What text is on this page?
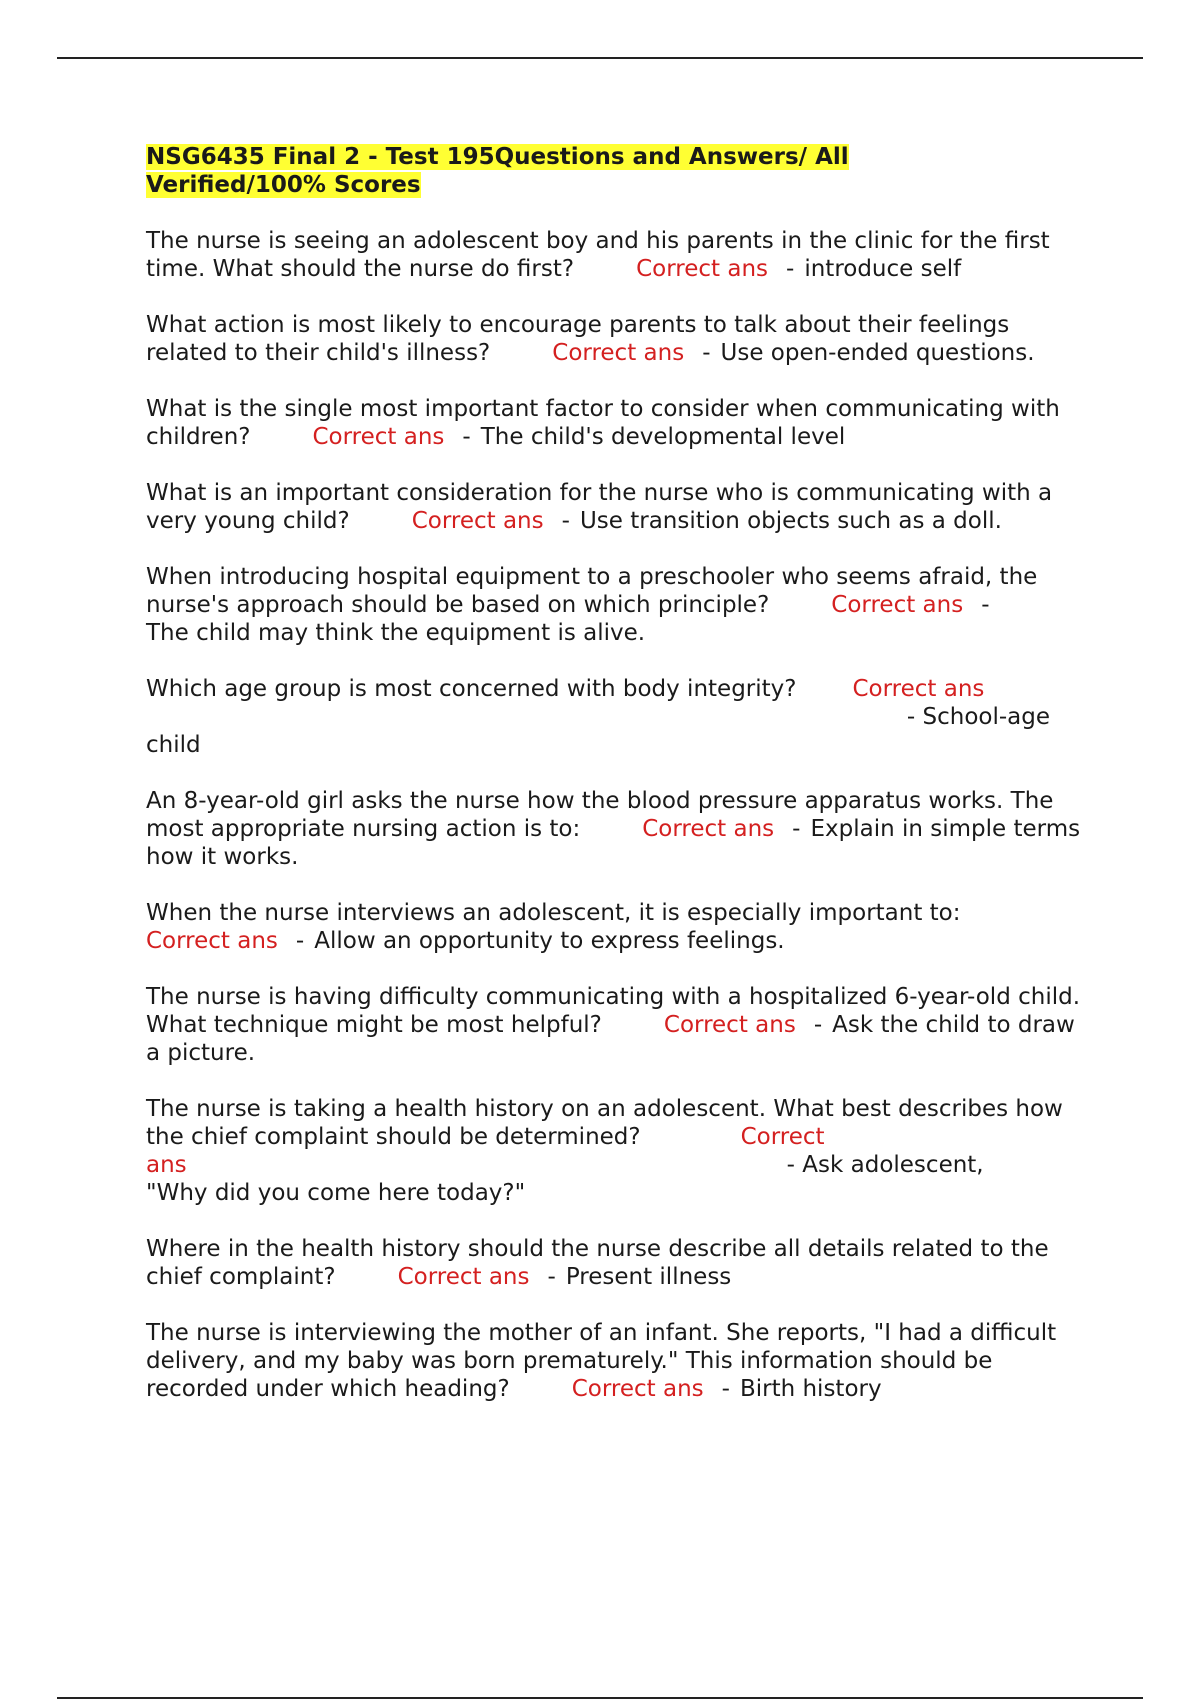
NSG6435 Final 2 - Test 195Questions and Answers/ All
Verified/100% Scores
The nurse is seeing an adolescent boy and his parents in the clinic for the first time. What should the nurse do first?	Correct ans - introduce self
What action is most likely to encourage parents to talk about their feelings related to their child's illness?	Correct ans - Use open-ended questions.
What is the single most important factor to consider when communicating with children?	Correct ans - The child's developmental level
What is an important consideration for the nurse who is communicating with a very young child?	Correct ans - Use transition objects such as a doll.
When introducing hospital equipment to a preschooler who seems afraid, the nurse's approach should be based on which principle?	Correct ans -
The child may think the equipment is alive.
Which age group is most concerned with body integrity? Correct ans
- School-age
child
An 8-year-old girl asks the nurse how the blood pressure apparatus works. The most appropriate nursing action is to:	Correct ans - Explain in simple terms how it works.
When the nurse interviews an adolescent, it is especially important to:
Correct ans - Allow an opportunity to express feelings.
The nurse is having difficulty communicating with a hospitalized 6-year-old child. What technique might be most helpful?	Correct ans - Ask the child to draw a picture.
The nurse is taking a health history on an adolescent. What best describes how the chief complaint should be determined?	Correct
ans	- Ask adolescent,
"Why did you come here today?"
Where in the health history should the nurse describe all details related to the chief complaint?	Correct ans - Present illness
The nurse is interviewing the mother of an infant. She reports, "I had a difficult delivery, and my baby was born prematurely." This information should be recorded under which heading?	Correct ans - Birth history
